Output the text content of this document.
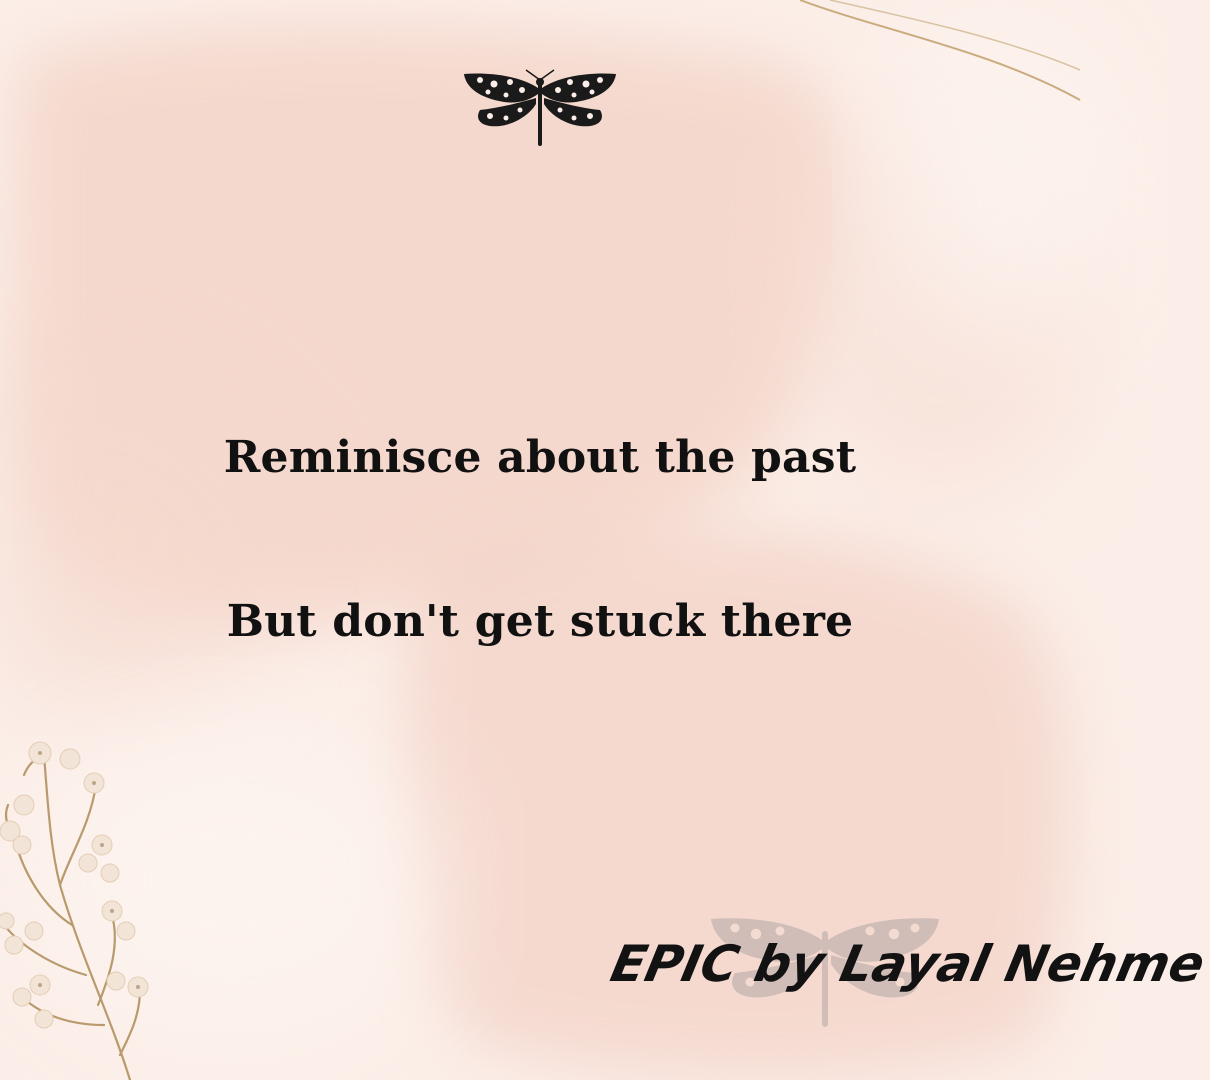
Reminisce about the past
But don't get stuck there
EPIC by Layal Nehme
